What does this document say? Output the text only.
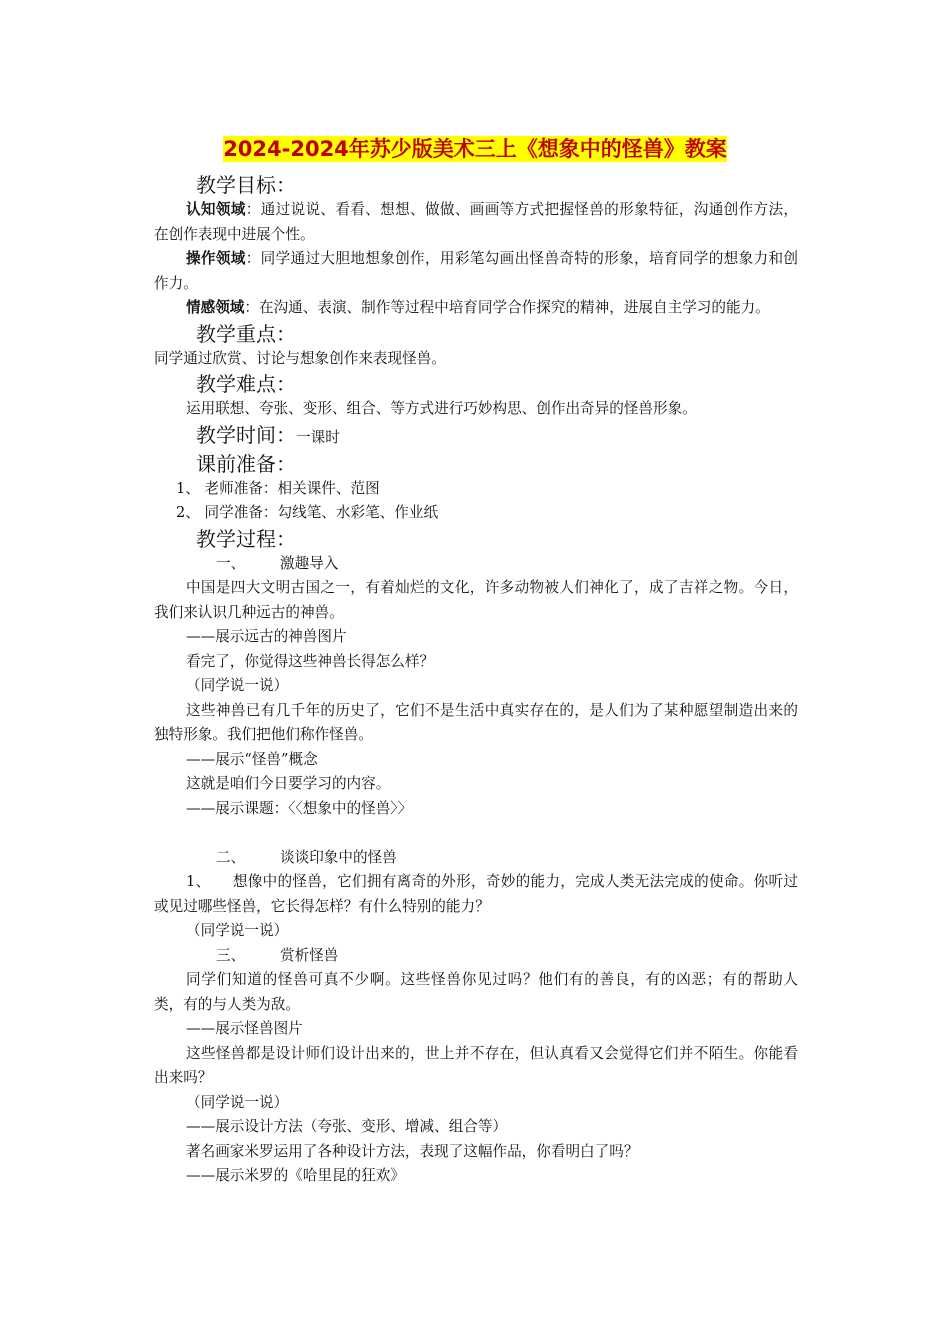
2024-2024年苏少版美术三上《想象中的怪兽》教案

教学目标：

认知领域：通过说说、看看、想想、做做、画画等方式把握怪兽的形象特征，沟通创作方法，在创作表现中进展个性。

操作领域：同学通过大胆地想象创作，用彩笔勾画出怪兽奇特的形象，培育同学的想象力和创作力。

情感领域：在沟通、表演、制作等过程中培育同学合作探究的精神，进展自主学习的能力。

教学重点：

同学通过欣赏、讨论与想象创作来表现怪兽。

教学难点：

运用联想、夸张、变形、组合、等方式进行巧妙构思、创作出奇异的怪兽形象。

教学时间：一课时

课前准备：

1、 老师准备：相关课件、范图

2、 同学准备：勾线笔、水彩笔、作业纸

教学过程：

一、 激趣导入

中国是四大文明古国之一，有着灿烂的文化，许多动物被人们神化了，成了吉祥之物。今日，我们来认识几种远古的神兽。

——展示远古的神兽图片

看完了，你觉得这些神兽长得怎么样？

（同学说一说）

这些神兽已有几千年的历史了，它们不是生活中真实存在的，是人们为了某种愿望制造出来的独特形象。我们把他们称作怪兽。

——展示“怪兽”概念

这就是咱们今日要学习的内容。

——展示课题：〈〈想象中的怪兽〉〉

二、 谈谈印象中的怪兽

1、　　 想像中的怪兽，它们拥有离奇的外形，奇妙的能力，完成人类无法完成的使命。你听过或见过哪些怪兽，它长得怎样？有什么特别的能力？

（同学说一说）

三、 赏析怪兽

同学们知道的怪兽可真不少啊。这些怪兽你见过吗？他们有的善良，有的凶恶；有的帮助人类，有的与人类为敌。

——展示怪兽图片

这些怪兽都是设计师们设计出来的，世上并不存在，但认真看又会觉得它们并不陌生。你能看出来吗？

（同学说一说）

——展示设计方法（夸张、变形、增减、组合等）

著名画家米罗运用了各种设计方法，表现了这幅作品，你看明白了吗？

——展示米罗的《哈里昆的狂欢》
